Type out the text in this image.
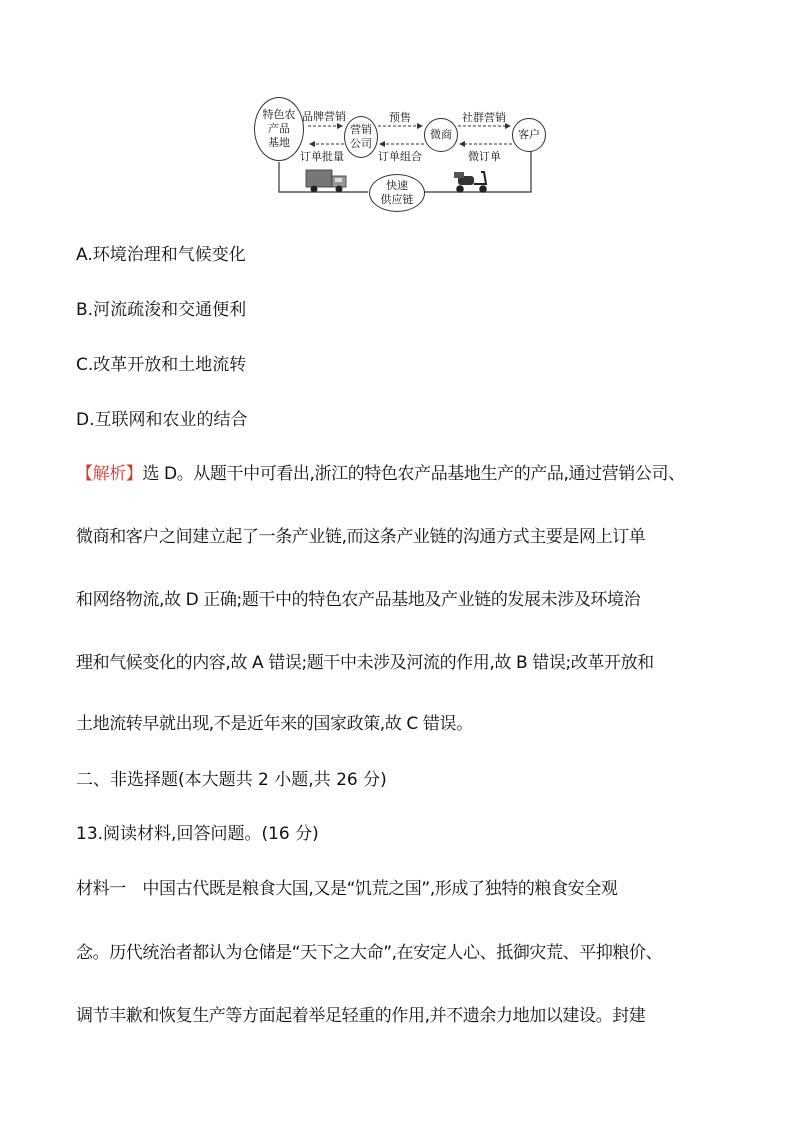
特色农
产品
基地
营销
公司
微商	客户
快速
供应链
品牌营销	预售	社群营销
订单批量	订单组合	微订单
A.环境治理和气候变化
B.河流疏浚和交通便利
C.改革开放和土地流转
D.互联网和农业的结合
【解析】选 D。从题干中可看出,浙江的特色农产品基地生产的产品,通过营销公司、
微商和客户之间建立起了一条产业链,而这条产业链的沟通方式主要是网上订单
和网络物流,故 D 正确;题干中的特色农产品基地及产业链的发展未涉及环境治
理和气候变化的内容,故 A 错误;题干中未涉及河流的作用,故 B 错误;改革开放和
土地流转早就出现,不是近年来的国家政策,故 C 错误。
二、非选择题(本大题共 2 小题,共 26 分)
13.阅读材料,回答问题。(16 分)
材料一　中国古代既是粮食大国,又是“饥荒之国”,形成了独特的粮食安全观
念。历代统治者都认为仓储是“天下之大命”,在安定人心、抵御灾荒、平抑粮价、
调节丰歉和恢复生产等方面起着举足轻重的作用,并不遗余力地加以建设。封建
